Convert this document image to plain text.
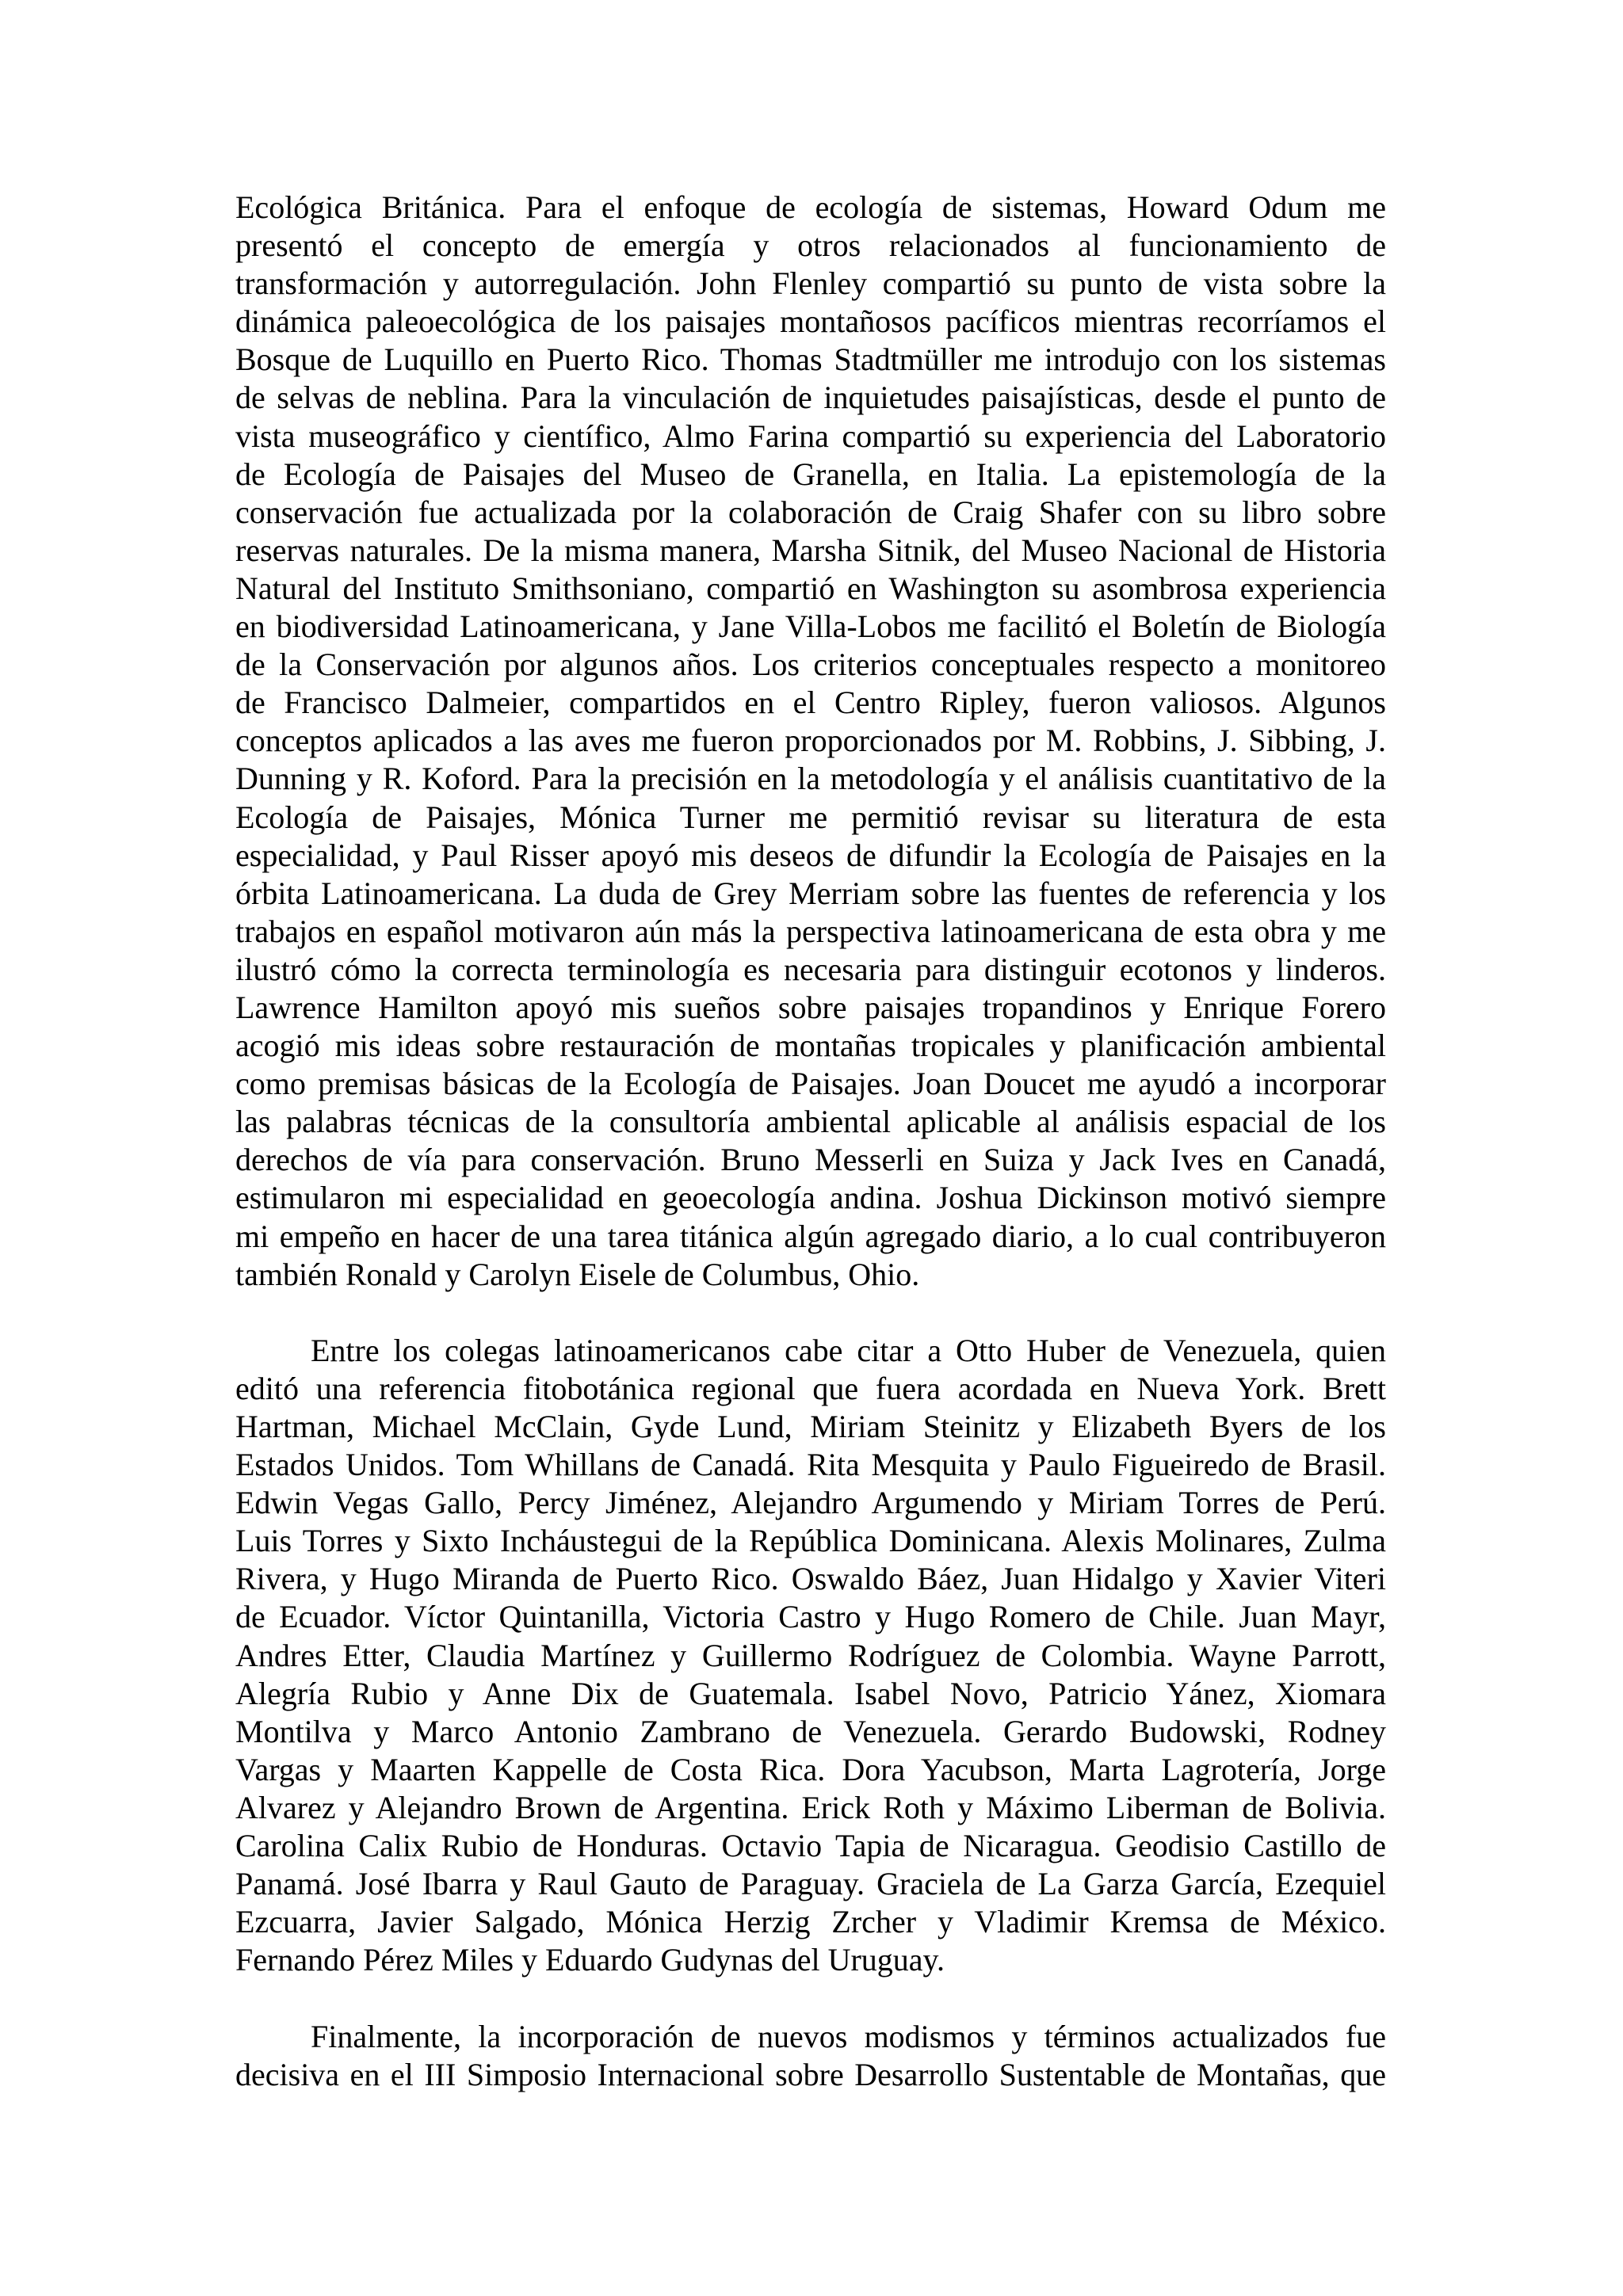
Ecológica Británica. Para el enfoque de ecología de sistemas, Howard Odum me
presentó el concepto de emergía y otros relacionados al funcionamiento de
transformación y autorregulación. John Flenley compartió su punto de vista sobre la
dinámica paleoecológica de los paisajes montañosos pacíficos mientras recorríamos el
Bosque de Luquillo en Puerto Rico. Thomas Stadtmüller me introdujo con los sistemas
de selvas de neblina. Para la vinculación de inquietudes paisajísticas, desde el punto de
vista museográfico y científico, Almo Farina compartió su experiencia del Laboratorio
de Ecología de Paisajes del Museo de Granella, en Italia. La epistemología de la
conservación fue actualizada por la colaboración de Craig Shafer con su libro sobre
reservas naturales. De la misma manera, Marsha Sitnik, del Museo Nacional de Historia
Natural del Instituto Smithsoniano, compartió en Washington su asombrosa experiencia
en biodiversidad Latinoamericana, y Jane Villa-Lobos me facilitó el Boletín de Biología
de la Conservación por algunos años. Los criterios conceptuales respecto a monitoreo
de Francisco Dalmeier, compartidos en el Centro Ripley, fueron valiosos. Algunos
conceptos aplicados a las aves me fueron proporcionados por M. Robbins, J. Sibbing, J.
Dunning y R. Koford. Para la precisión en la metodología y el análisis cuantitativo de la
Ecología de Paisajes, Mónica Turner me permitió revisar su literatura de esta
especialidad, y Paul Risser apoyó mis deseos de difundir la Ecología de Paisajes en la
órbita Latinoamericana. La duda de Grey Merriam sobre las fuentes de referencia y los
trabajos en español motivaron aún más la perspectiva latinoamericana de esta obra y me
ilustró cómo la correcta terminología es necesaria para distinguir ecotonos y linderos.
Lawrence Hamilton apoyó mis sueños sobre paisajes tropandinos y Enrique Forero
acogió mis ideas sobre restauración de montañas tropicales y planificación ambiental
como premisas básicas de la Ecología de Paisajes. Joan Doucet me ayudó a incorporar
las palabras técnicas de la consultoría ambiental aplicable al análisis espacial de los
derechos de vía para conservación. Bruno Messerli en Suiza y Jack Ives en Canadá,
estimularon mi especialidad en geoecología andina. Joshua Dickinson motivó siempre
mi empeño en hacer de una tarea titánica algún agregado diario, a lo cual contribuyeron
también Ronald y Carolyn Eisele de Columbus, Ohio.
Entre los colegas latinoamericanos cabe citar a Otto Huber de Venezuela, quien
editó una referencia fitobotánica regional que fuera acordada en Nueva York. Brett
Hartman, Michael McClain, Gyde Lund, Miriam Steinitz y Elizabeth Byers de los
Estados Unidos. Tom Whillans de Canadá. Rita Mesquita y Paulo Figueiredo de Brasil.
Edwin Vegas Gallo, Percy Jiménez, Alejandro Argumendo y Miriam Torres de Perú.
Luis Torres y Sixto Incháustegui de la República Dominicana. Alexis Molinares, Zulma
Rivera, y Hugo Miranda de Puerto Rico. Oswaldo Báez, Juan Hidalgo y Xavier Viteri
de Ecuador. Víctor Quintanilla, Victoria Castro y Hugo Romero de Chile. Juan Mayr,
Andres Etter, Claudia Martínez y Guillermo Rodríguez de Colombia. Wayne Parrott,
Alegría Rubio y Anne Dix de Guatemala. Isabel Novo, Patricio Yánez, Xiomara
Montilva y Marco Antonio Zambrano de Venezuela. Gerardo Budowski, Rodney
Vargas y Maarten Kappelle de Costa Rica. Dora Yacubson, Marta Lagrotería, Jorge
Alvarez y Alejandro Brown de Argentina. Erick Roth y Máximo Liberman de Bolivia.
Carolina Calix Rubio de Honduras. Octavio Tapia de Nicaragua. Geodisio Castillo de
Panamá. José Ibarra y Raul Gauto de Paraguay. Graciela de La Garza García, Ezequiel
Ezcuarra, Javier Salgado, Mónica Herzig Zrcher y Vladimir Kremsa de México.
Fernando Pérez Miles y Eduardo Gudynas del Uruguay.
Finalmente, la incorporación de nuevos modismos y términos actualizados fue
decisiva en el III Simposio Internacional sobre Desarrollo Sustentable de Montañas, que
